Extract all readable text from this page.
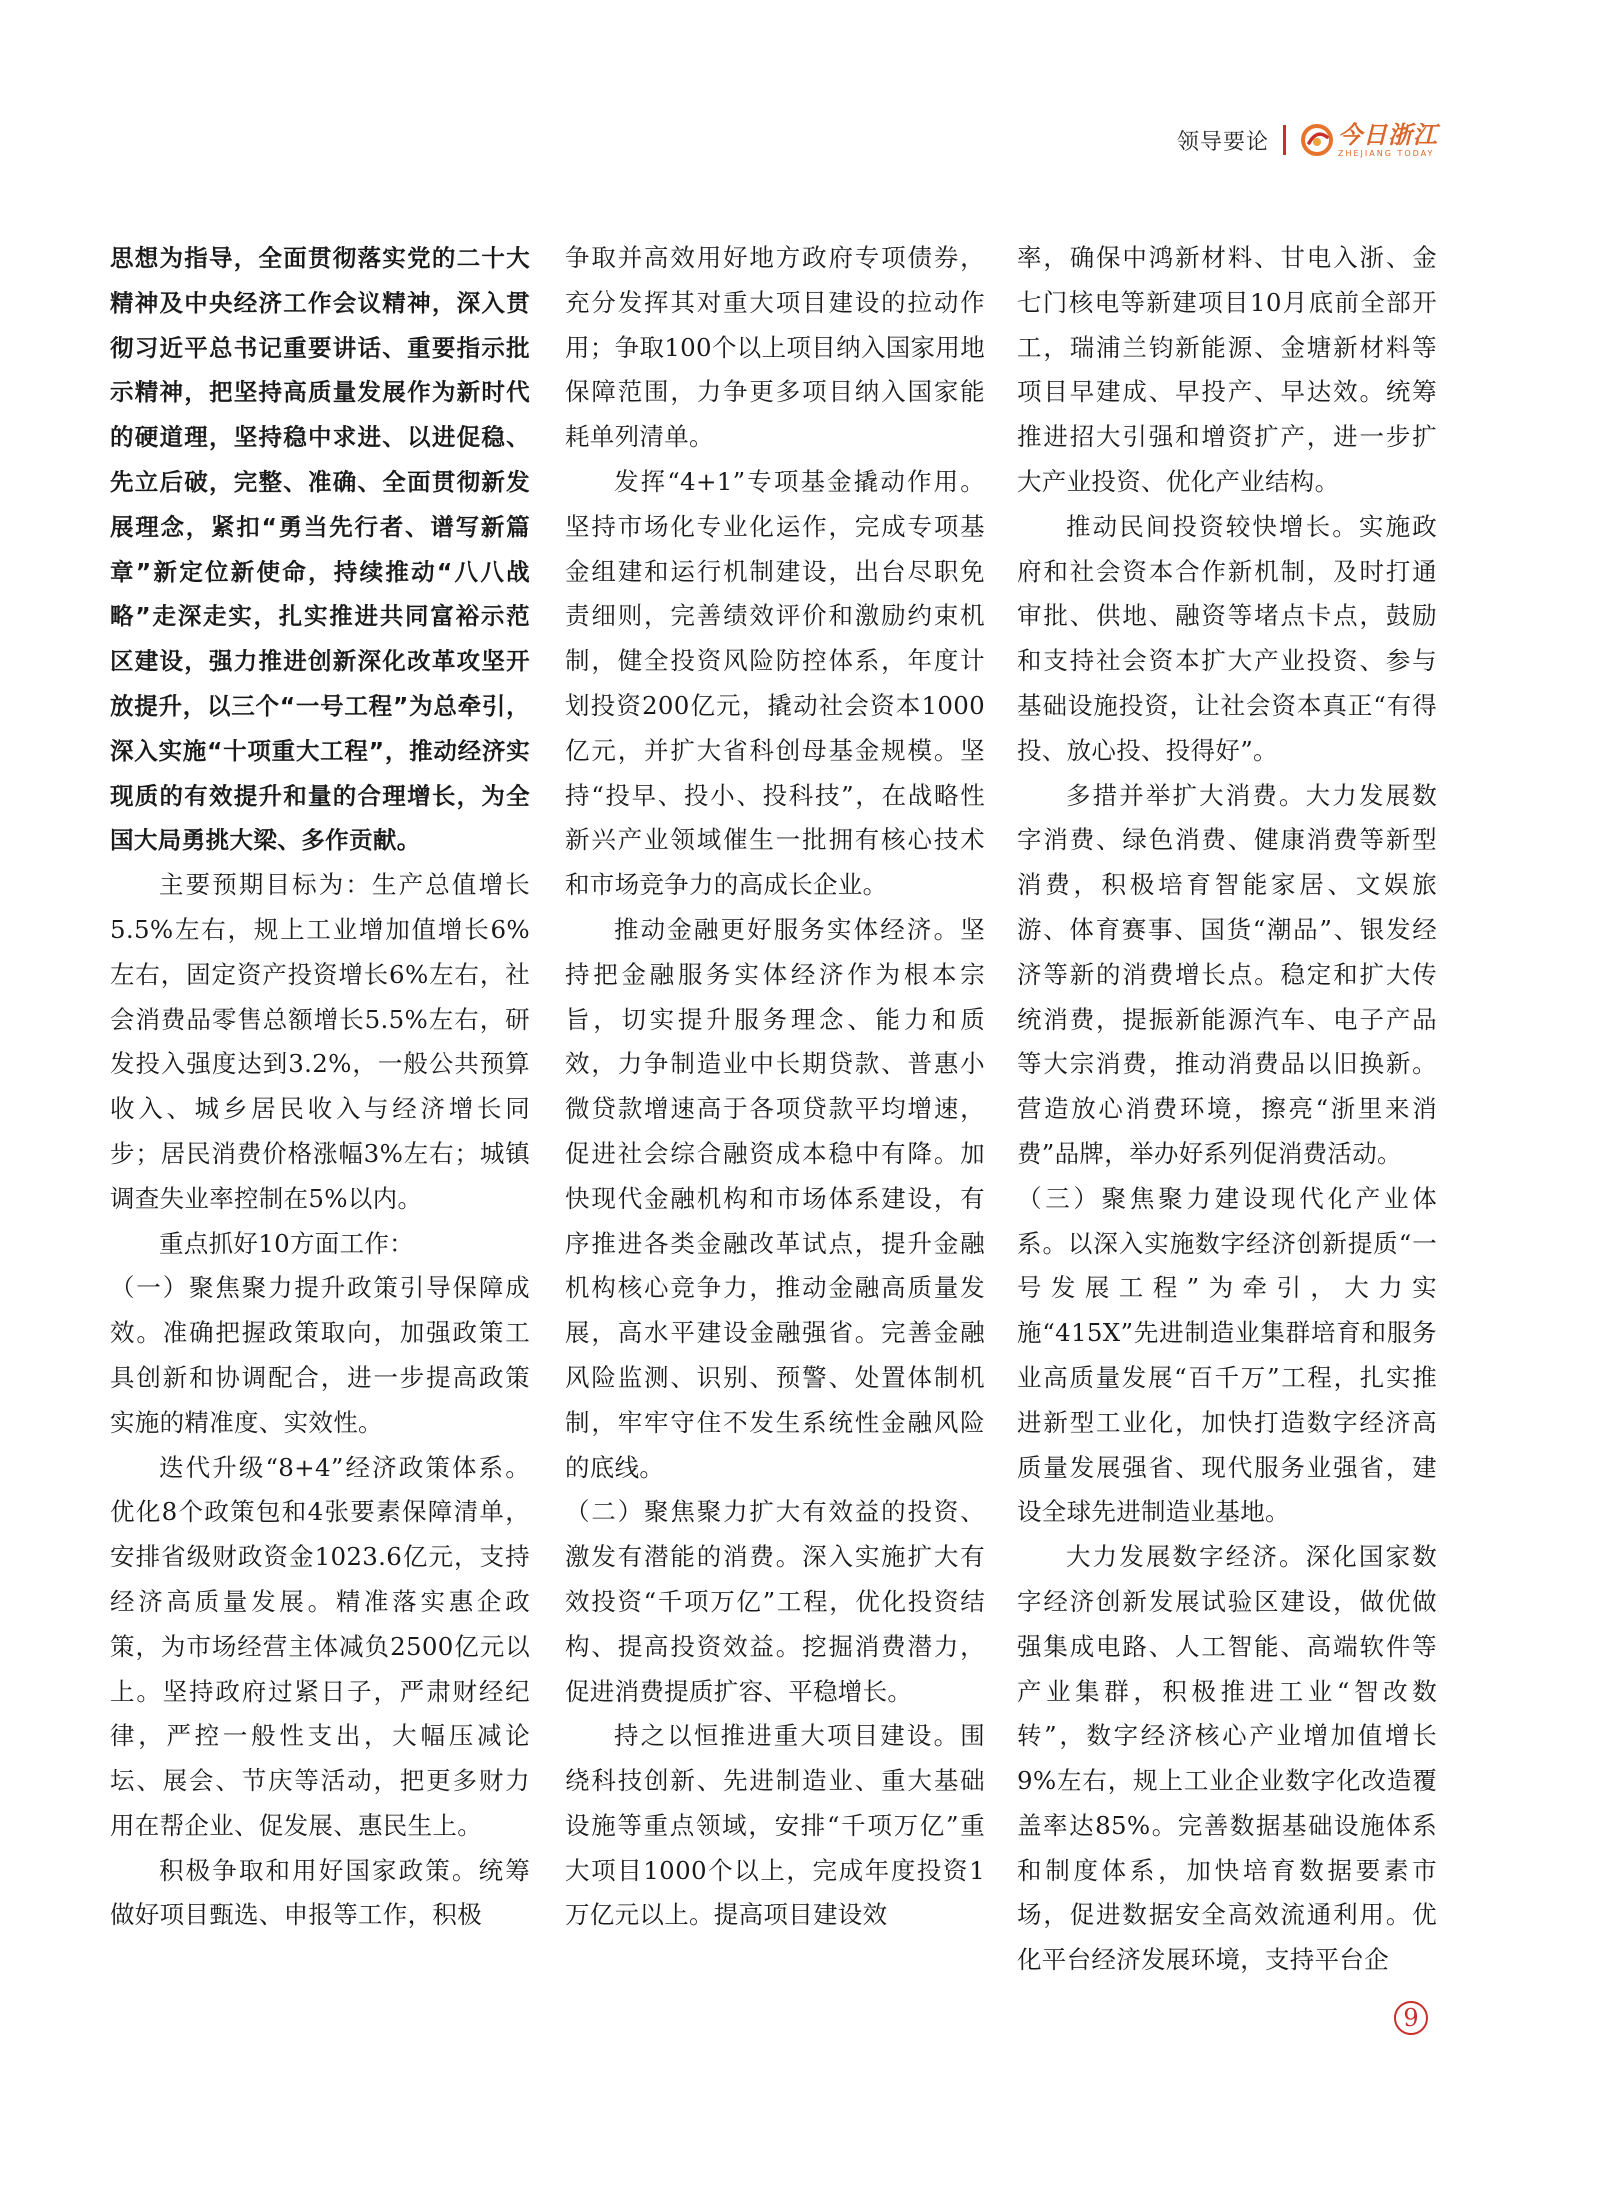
领导要论	今日浙江
ZHEJIANG TODAY

思想为指导，全面贯彻落实党的二十大精神及中央经济工作会议精神，深入贯彻习近平总书记重要讲话、重要指示批示精神，把坚持高质量发展作为新时代的硬道理，坚持稳中求进、以进促稳、先立后破，完整、准确、全面贯彻新发展理念，紧扣“勇当先行者、谱写新篇章”新定位新使命，持续推动“八八战略”走深走实，扎实推进共同富裕示范区建设，强力推进创新深化改革攻坚开放提升，以三个“一号工程”为总牵引，深入实施“十项重大工程”，推动经济实现质的有效提升和量的合理增长，为全国大局勇挑大梁、多作贡献。

主要预期目标为：生产总值增长5.5%左右，规上工业增加值增长6%左右，固定资产投资增长6%左右，社会消费品零售总额增长5.5%左右，研发投入强度达到3.2%，一般公共预算收入、城乡居民收入与经济增长同步；居民消费价格涨幅3%左右；城镇调查失业率控制在5%以内。

重点抓好10方面工作：

（一）聚焦聚力提升政策引导保障成效。准确把握政策取向，加强政策工具创新和协调配合，进一步提高政策实施的精准度、实效性。

迭代升级“8+4”经济政策体系。优化8个政策包和4张要素保障清单，安排省级财政资金1023.6亿元，支持经济高质量发展。精准落实惠企政策，为市场经营主体减负2500亿元以上。坚持政府过紧日子，严肃财经纪律，严控一般性支出，大幅压减论坛、展会、节庆等活动，把更多财力用在帮企业、促发展、惠民生上。

积极争取和用好国家政策。统筹做好项目甄选、申报等工作，积极

争取并高效用好地方政府专项债券，充分发挥其对重大项目建设的拉动作用；争取100个以上项目纳入国家用地保障范围，力争更多项目纳入国家能耗单列清单。

发挥“4+1”专项基金撬动作用。坚持市场化专业化运作，完成专项基金组建和运行机制建设，出台尽职免责细则，完善绩效评价和激励约束机制，健全投资风险防控体系，年度计划投资200亿元，撬动社会资本1000亿元，并扩大省科创母基金规模。坚持“投早、投小、投科技”，在战略性新兴产业领域催生一批拥有核心技术和市场竞争力的高成长企业。

推动金融更好服务实体经济。坚持把金融服务实体经济作为根本宗旨，切实提升服务理念、能力和质效，力争制造业中长期贷款、普惠小微贷款增速高于各项贷款平均增速，促进社会综合融资成本稳中有降。加快现代金融机构和市场体系建设，有序推进各类金融改革试点，提升金融机构核心竞争力，推动金融高质量发展，高水平建设金融强省。完善金融风险监测、识别、预警、处置体制机制，牢牢守住不发生系统性金融风险的底线。

（二）聚焦聚力扩大有效益的投资、激发有潜能的消费。深入实施扩大有效投资“千项万亿”工程，优化投资结构、提高投资效益。挖掘消费潜力，促进消费提质扩容、平稳增长。

持之以恒推进重大项目建设。围绕科技创新、先进制造业、重大基础设施等重点领域，安排“千项万亿”重大项目1000个以上，完成年度投资1万亿元以上。提高项目建设效

率，确保中鸿新材料、甘电入浙、金七门核电等新建项目10月底前全部开工，瑞浦兰钧新能源、金塘新材料等项目早建成、早投产、早达效。统筹推进招大引强和增资扩产，进一步扩大产业投资、优化产业结构。

推动民间投资较快增长。实施政府和社会资本合作新机制，及时打通审批、供地、融资等堵点卡点，鼓励和支持社会资本扩大产业投资、参与基础设施投资，让社会资本真正“有得投、放心投、投得好”。

多措并举扩大消费。大力发展数字消费、绿色消费、健康消费等新型消费，积极培育智能家居、文娱旅游、体育赛事、国货“潮品”、银发经济等新的消费增长点。稳定和扩大传统消费，提振新能源汽车、电子产品等大宗消费，推动消费品以旧换新。营造放心消费环境，擦亮“浙里来消费”品牌，举办好系列促消费活动。

（三）聚焦聚力建设现代化产业体系。以深入实施数字经济创新提质“一号发展工程”为牵引，大力实施“415X”先进制造业集群培育和服务业高质量发展“百千万”工程，扎实推进新型工业化，加快打造数字经济高质量发展强省、现代服务业强省，建设全球先进制造业基地。

大力发展数字经济。深化国家数字经济创新发展试验区建设，做优做强集成电路、人工智能、高端软件等产业集群，积极推进工业“智改数转”，数字经济核心产业增加值增长9%左右，规上工业企业数字化改造覆盖率达85%。完善数据基础设施体系和制度体系，加快培育数据要素市场，促进数据安全高效流通利用。优化平台经济发展环境，支持平台企

9
